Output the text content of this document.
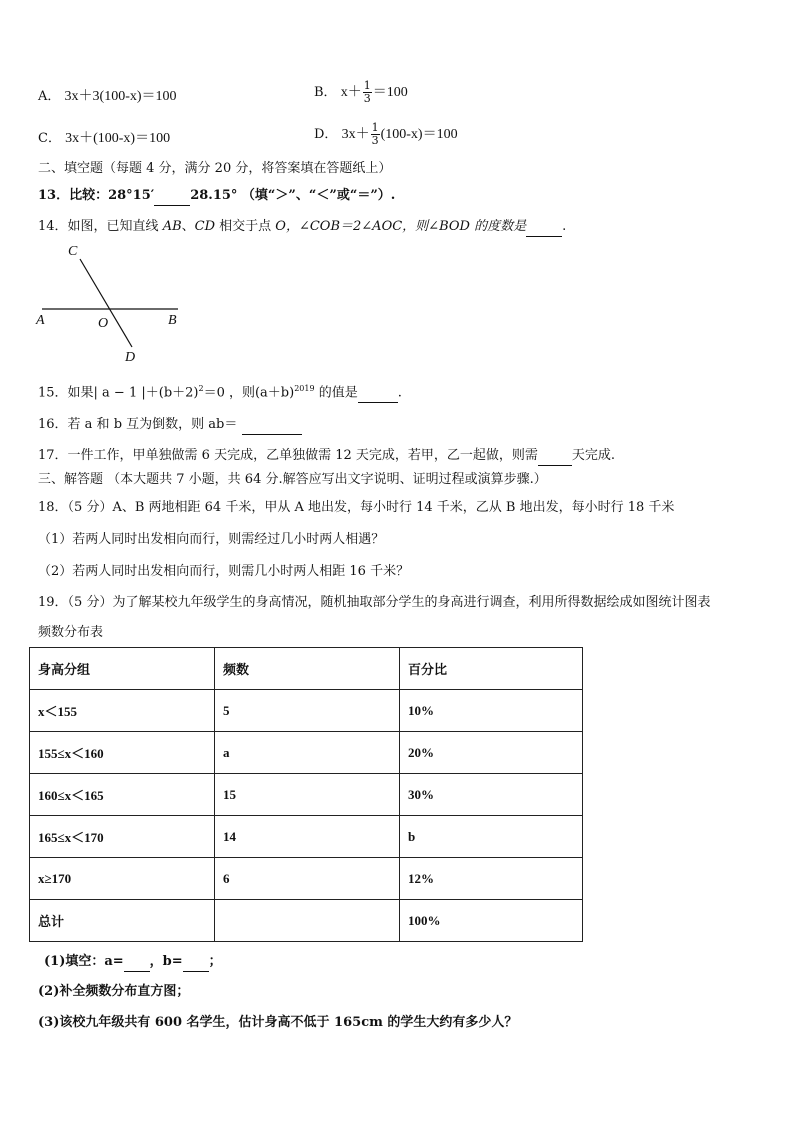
A． 3x＋3(100-x)＝100	B． $x+ \frac{1}{3} =100$
C． 3x＋(100-x)＝100	D． $3x+ \frac{1}{3} (100-x)=100$
二、填空题（每题 4 分，满分 20 分，将答案填在答题纸上）
13．比较：28°15′	28.15° （填“＞”、“＜”或“＝”）.
14．如图，已知直线 AB、CD 相交于点 O，∠COB＝2∠AOC，则∠BOD 的度数是	.
C
A	O	B
D
15．如果| a − 1 $|+(b+2)^2=0$ ，则$(a+b)^{2019}$ 的值是	.
16．若 a 和 b 互为倒数，则 ab＝
17．一件工作，甲单独做需 6 天完成，乙单独做需 12 天完成，若甲，乙一起做，则需	天完成.
三、解答题 （本大题共 7 小题，共 64 分.解答应写出文字说明、证明过程或演算步骤.）
18．（5 分）A、B 两地相距 64 千米，甲从 A 地出发，每小时行 14 千米，乙从 B 地出发，每小时行 18 千米
（1）若两人同时出发相向而行，则需经过几小时两人相遇？
（2）若两人同时出发相向而行，则需几小时两人相距 16 千米？
19．（5 分）为了解某校九年级学生的身高情况，随机抽取部分学生的身高进行调查，利用所得数据绘成如图统计图表
频数分布表
身高分组	频数	百分比
x＜155	5	10%
155≤x＜160	a	20%
160≤x＜165	15	30%
165≤x＜170	14	b
x≥170	6	12%
总计		100%
(1)填空：a= ，b= ；
(2)补全频数分布直方图；
(3)该校九年级共有 600 名学生，估计身高不低于 165cm 的学生大约有多少人？
